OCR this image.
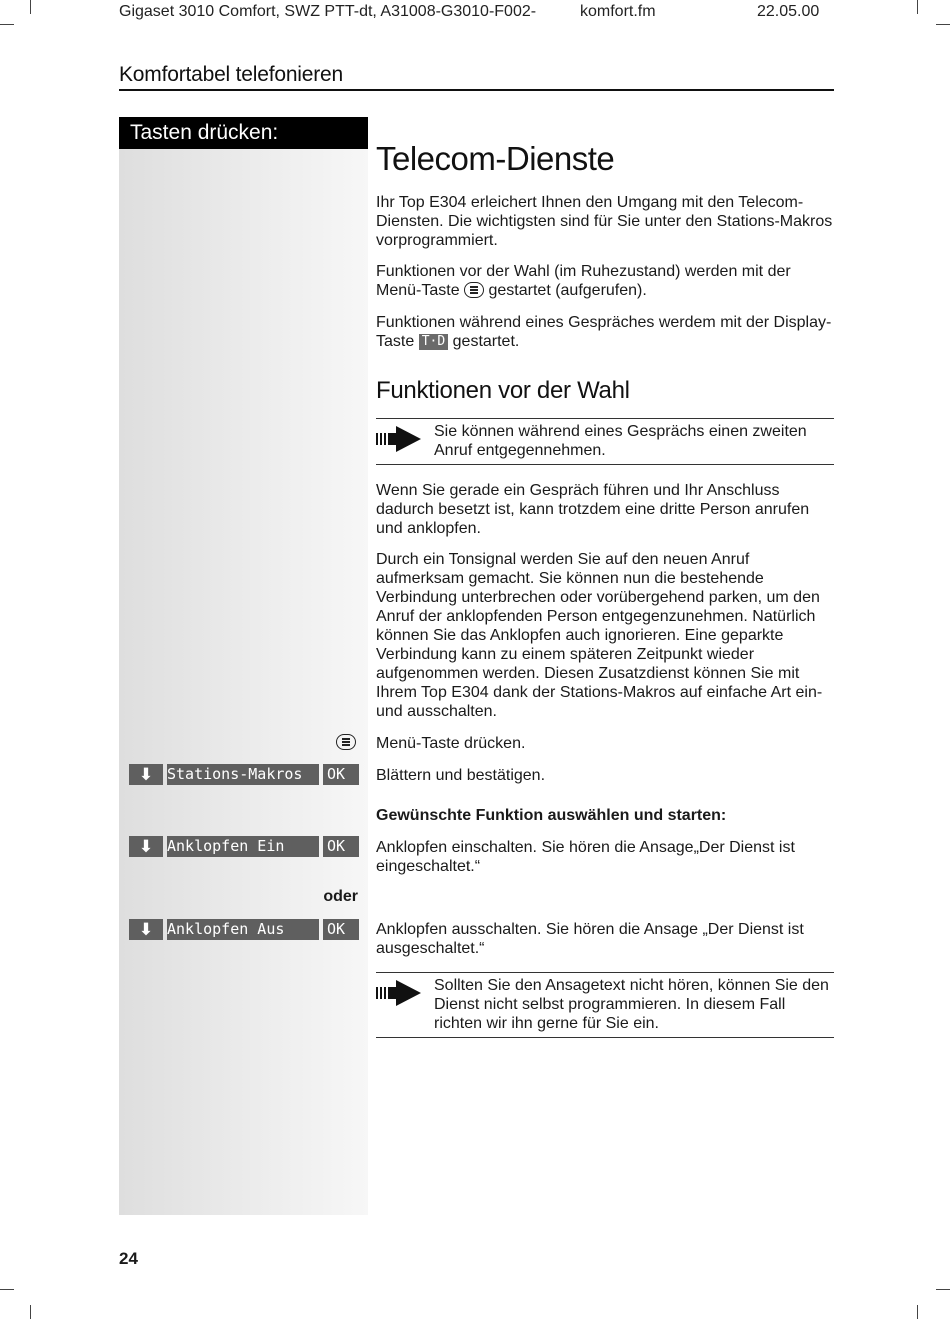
Gigaset 3010 Comfort, SWZ PTT-dt, A31008-G3010-F002-	komfort.fm	22.05.00
Komfortabel telefonieren
Tasten drücken:
Telecom-Dienste

Ihr Top E304 erleichert Ihnen den Umgang mit den Telecom-Diensten. Die wichtigsten sind für Sie unter den Stations-Makros vorprogrammiert.

Funktionen vor der Wahl (im Ruhezustand) werden mit der Menü-Taste gestartet (aufgerufen).

Funktionen während eines Gespräches werdem mit der Display-Taste T·D gestartet.

Funktionen vor der Wahl
Sie können während eines Gesprächs einen zweiten Anruf entgegennehmen.

Wenn Sie gerade ein Gespräch führen und Ihr Anschluss dadurch besetzt ist, kann trotzdem eine dritte Person anrufen und anklopfen.

Durch ein Tonsignal werden Sie auf den neuen Anruf aufmerksam gemacht. Sie können nun die bestehende Verbindung unterbrechen oder vorübergehend parken, um den Anruf der anklopfenden Person entgegenzunehmen. Natürlich können Sie das Anklopfen auch ignorieren. Eine geparkte Verbindung kann zu einem späteren Zeitpunkt wieder aufgenommen werden. Diesen Zusatzdienst können Sie mit Ihrem Top E304 dank der Stations-Makros auf einfache Art ein- und ausschalten.

Menü-Taste drücken.
⬇ Stations-Makros	OK	Blättern und bestätigen.
Gewünschte Funktion auswählen und starten:
⬇ Anklopfen Ein	OK	Anklopfen einschalten. Sie hören die Ansage„Der Dienst ist eingeschaltet.“
oder
⬇ Anklopfen Aus	OK	Anklopfen ausschalten. Sie hören die Ansage „Der Dienst ist ausgeschaltet.“
Sollten Sie den Ansagetext nicht hören, können Sie den Dienst nicht selbst programmieren. In diesem Fall richten wir ihn gerne für Sie ein.
24
